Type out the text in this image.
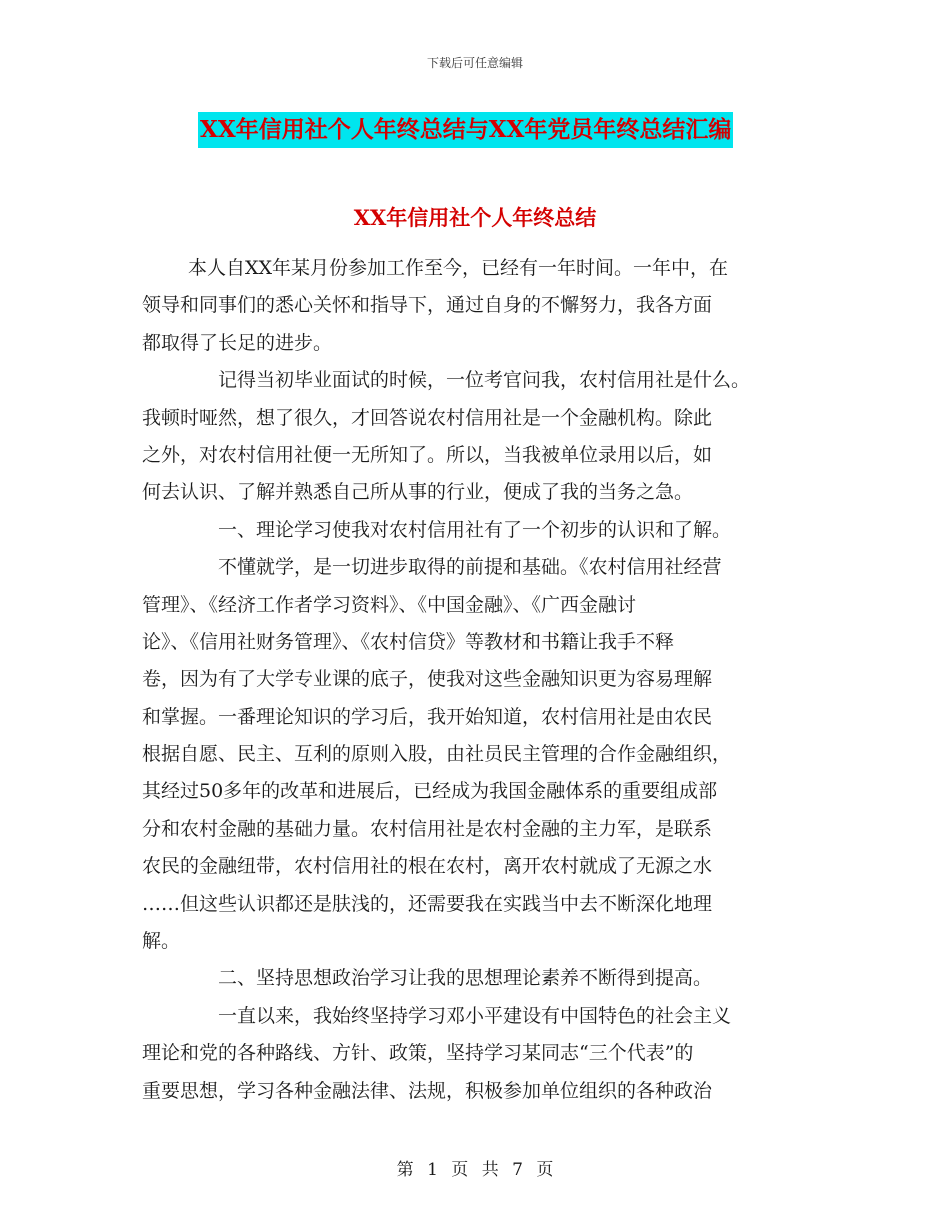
下载后可任意编辑
XX年信用社个人年终总结与XX年党员年终总结汇编
XX年信用社个人年终总结
本人自XX年某月份参加工作至今，已经有一年时间。一年中，在
领导和同事们的悉心关怀和指导下，通过自身的不懈努力，我各方面
都取得了长足的进步。
记得当初毕业面试的时候，一位考官问我，农村信用社是什么。
我顿时哑然，想了很久，才回答说农村信用社是一个金融机构。除此
之外，对农村信用社便一无所知了。所以，当我被单位录用以后，如
何去认识、了解并熟悉自己所从事的行业，便成了我的当务之急。
一、理论学习使我对农村信用社有了一个初步的认识和了解。
不懂就学，是一切进步取得的前提和基础。《农村信用社经营
管理》、《经济工作者学习资料》、《中国金融》、《广西金融讨
论》、《信用社财务管理》、《农村信贷》等教材和书籍让我手不释
卷，因为有了大学专业课的底子，使我对这些金融知识更为容易理解
和掌握。一番理论知识的学习后，我开始知道，农村信用社是由农民
根据自愿、民主、互利的原则入股，由社员民主管理的合作金融组织，
其经过50多年的改革和进展后，已经成为我国金融体系的重要组成部
分和农村金融的基础力量。农村信用社是农村金融的主力军，是联系
农民的金融纽带，农村信用社的根在农村，离开农村就成了无源之水
……但这些认识都还是肤浅的，还需要我在实践当中去不断深化地理
解。
二、坚持思想政治学习让我的思想理论素养不断得到提高。
一直以来，我始终坚持学习邓小平建设有中国特色的社会主义
理论和党的各种路线、方针、政策，坚持学习某同志“三个代表”的
重要思想，学习各种金融法律、法规，积极参加单位组织的各种政治
第 1 页 共 7 页
